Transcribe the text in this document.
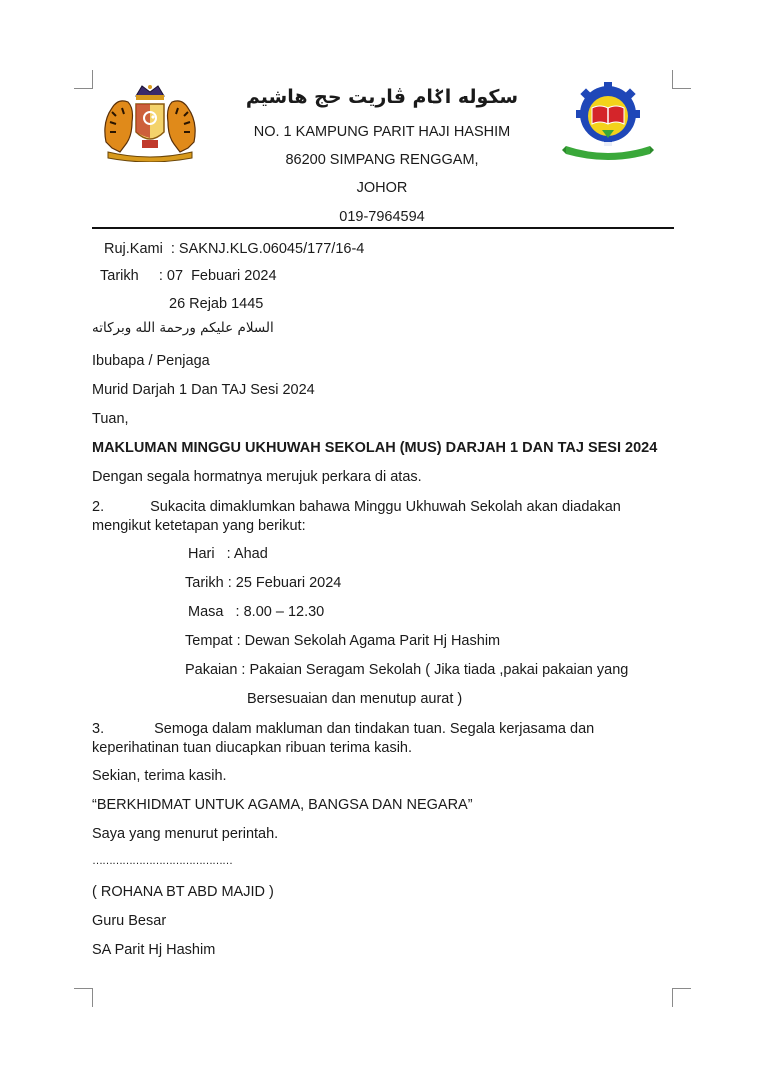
سكوله اݢام ڤاريت حج هاشيم
NO. 1 KAMPUNG PARIT HAJI HASHIM
86200 SIMPANG RENGGAM,
JOHOR
019-7964594
Ruj.Kami  : SAKNJ.KLG.06045/177/16-4
Tarikh     : 07  Febuari 2024
26 Rejab 1445
السلام عليكم ورحمة الله وبركاته
Ibubapa / Penjaga
Murid Darjah 1 Dan TAJ Sesi 2024
Tuan,
MAKLUMAN MINGGU UKHUWAH SEKOLAH (MUS) DARJAH 1 DAN TAJ SESI 2024
Dengan segala hormatnya merujuk perkara di atas.
2.	Sukacita dimaklumkan bahawa Minggu Ukhuwah Sekolah akan diadakan mengikut ketetapan yang berikut:
Hari   : Ahad
Tarikh : 25 Febuari 2024
Masa   : 8.00 – 12.30
Tempat : Dewan Sekolah Agama Parit Hj Hashim
Pakaian : Pakaian Seragam Sekolah ( Jika tiada ,pakai pakaian yang
Bersesuaian dan menutup aurat )
3.	Semoga dalam makluman dan tindakan tuan. Segala kerjasama dan keperihatinan tuan diucapkan ribuan terima kasih.
Sekian, terima kasih.
“BERKHIDMAT UNTUK AGAMA, BANGSA DAN NEGARA”
Saya yang menurut perintah.
……………………………………
( ROHANA BT ABD MAJID )
Guru Besar
SA Parit Hj Hashim
